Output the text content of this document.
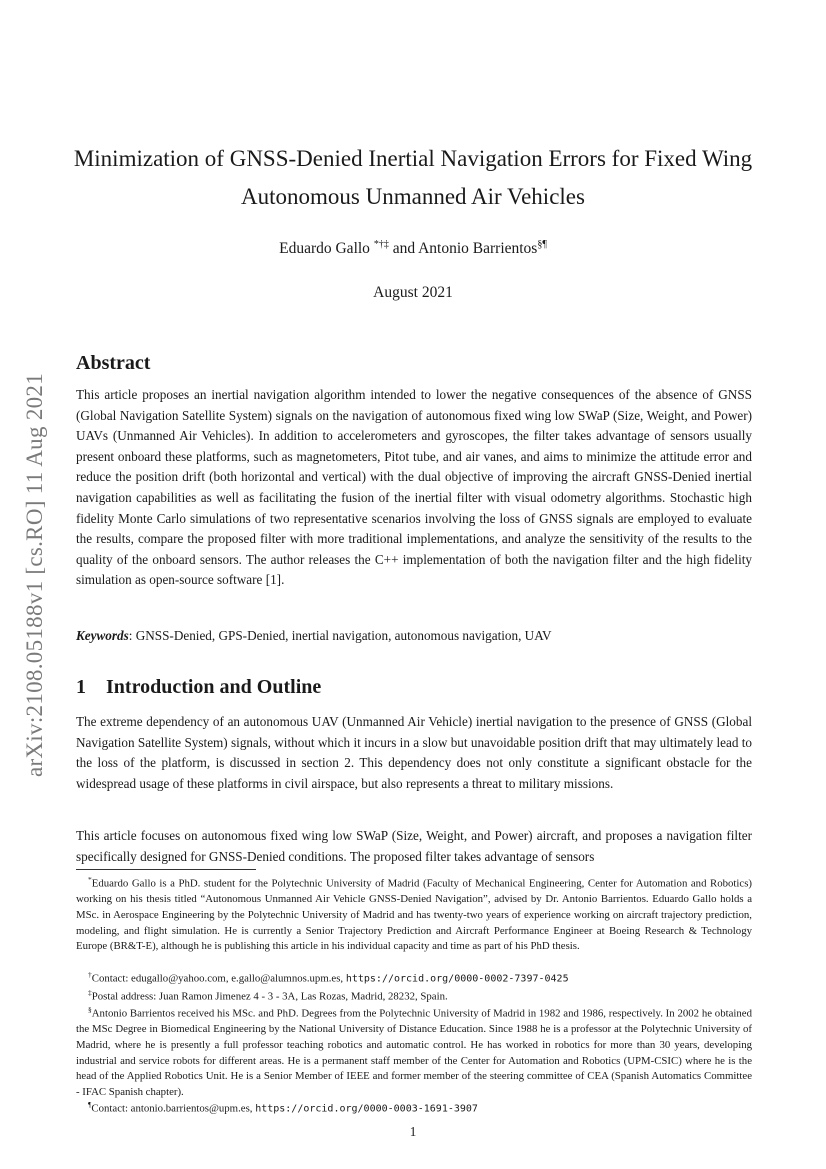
arXiv:2108.05188v1 [cs.RO] 11 Aug 2021
Minimization of GNSS-Denied Inertial Navigation Errors for Fixed Wing Autonomous Unmanned Air Vehicles
Eduardo Gallo *†‡ and Antonio Barrientos§¶
August 2021
Abstract

This article proposes an inertial navigation algorithm intended to lower the negative consequences of the absence of GNSS (Global Navigation Satellite System) signals on the navigation of autonomous fixed wing low SWaP (Size, Weight, and Power) UAVs (Unmanned Air Vehicles). In addition to accelerometers and gyroscopes, the filter takes advantage of sensors usually present onboard these platforms, such as magnetometers, Pitot tube, and air vanes, and aims to minimize the attitude error and reduce the position drift (both horizontal and vertical) with the dual objective of improving the aircraft GNSS-Denied inertial navigation capabilities as well as facilitating the fusion of the inertial filter with visual odometry algorithms. Stochastic high fidelity Monte Carlo simulations of two representative scenarios involving the loss of GNSS signals are employed to evaluate the results, compare the proposed filter with more traditional implementations, and analyze the sensitivity of the results to the quality of the onboard sensors. The author releases the C++ implementation of both the navigation filter and the high fidelity simulation as open-source software [1].

Keywords: GNSS-Denied, GPS-Denied, inertial navigation, autonomous navigation, UAV

1 Introduction and Outline

The extreme dependency of an autonomous UAV (Unmanned Air Vehicle) inertial navigation to the presence of GNSS (Global Navigation Satellite System) signals, without which it incurs in a slow but unavoidable position drift that may ultimately lead to the loss of the platform, is discussed in section 2. This dependency does not only constitute a significant obstacle for the widespread usage of these platforms in civil airspace, but also represents a threat to military missions.

This article focuses on autonomous fixed wing low SWaP (Size, Weight, and Power) aircraft, and proposes a navigation filter specifically designed for GNSS-Denied conditions. The proposed filter takes advantage of sensors

*Eduardo Gallo is a PhD. student for the Polytechnic University of Madrid (Faculty of Mechanical Engineering, Center for Automation and Robotics) working on his thesis titled “Autonomous Unmanned Air Vehicle GNSS-Denied Navigation”, advised by Dr. Antonio Barrientos. Eduardo Gallo holds a MSc. in Aerospace Engineering by the Polytechnic University of Madrid and has twenty-two years of experience working on aircraft trajectory prediction, modeling, and flight simulation. He is currently a Senior Trajectory Prediction and Aircraft Performance Engineer at Boeing Research & Technology Europe (BR&T-E), although he is publishing this article in his individual capacity and time as part of his PhD thesis.

†Contact: edugallo@yahoo.com, e.gallo@alumnos.upm.es, https://orcid.org/0000-0002-7397-0425

‡Postal address: Juan Ramon Jimenez 4 - 3 - 3A, Las Rozas, Madrid, 28232, Spain.

§Antonio Barrientos received his MSc. and PhD. Degrees from the Polytechnic University of Madrid in 1982 and 1986, respectively. In 2002 he obtained the MSc Degree in Biomedical Engineering by the National University of Distance Education. Since 1988 he is a professor at the Polytechnic University of Madrid, where he is presently a full professor teaching robotics and automatic control. He has worked in robotics for more than 30 years, developing industrial and service robots for different areas. He is a permanent staff member of the Center for Automation and Robotics (UPM-CSIC) where he is the head of the Applied Robotics Unit. He is a Senior Member of IEEE and former member of the steering committee of CEA (Spanish Automatics Committee - IFAC Spanish chapter).

¶Contact: antonio.barrientos@upm.es, https://orcid.org/0000-0003-1691-3907

1
